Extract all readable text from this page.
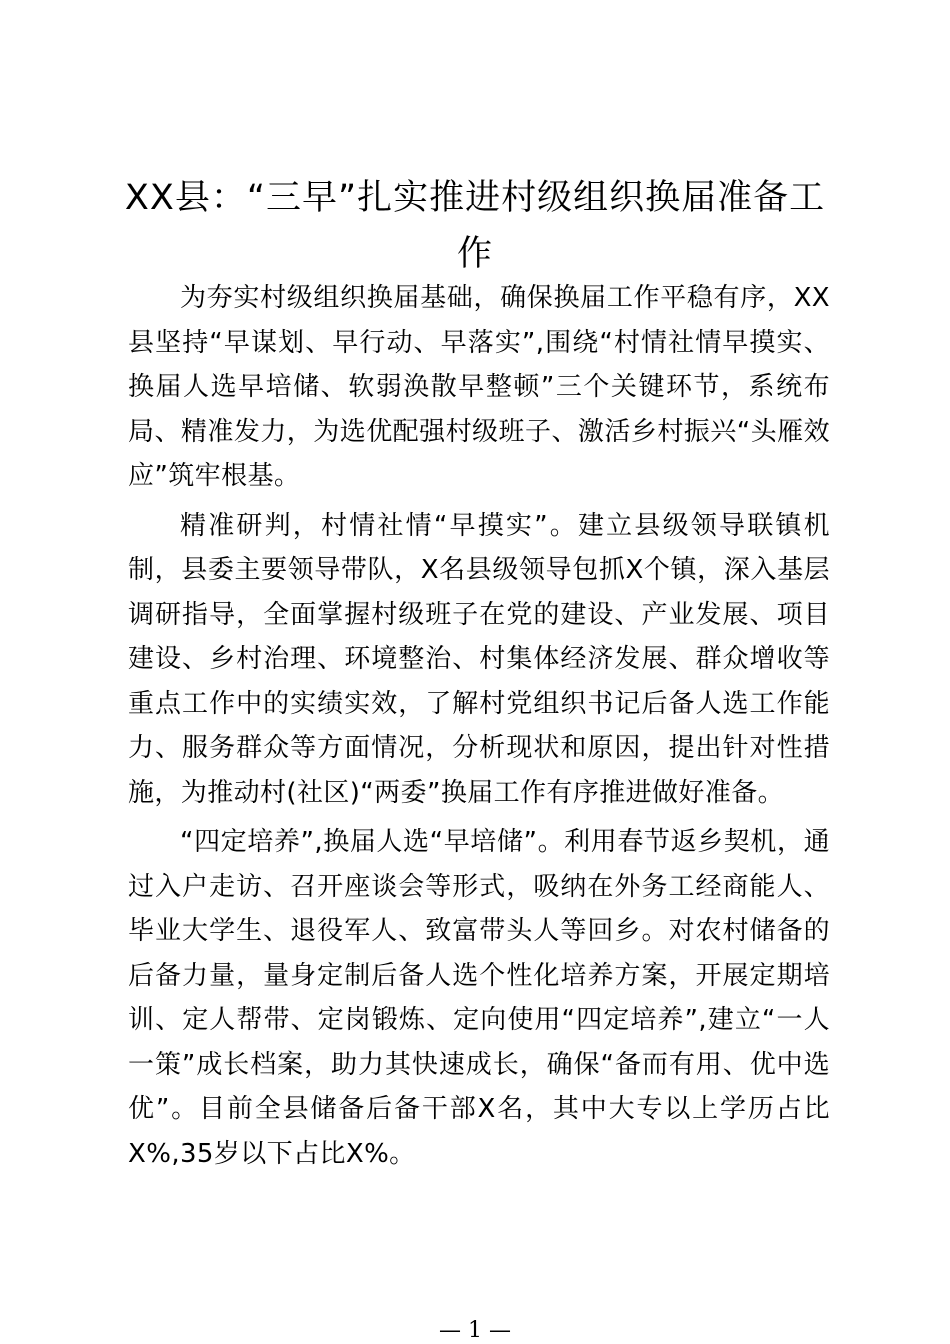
XX县：“三早”扎实推进村级组织换届准备工作

为夯实村级组织换届基础，确保换届工作平稳有序，XX县坚持“早谋划、早行动、早落实”,围绕“村情社情早摸实、换届人选早培储、软弱涣散早整顿”三个关键环节，系统布局、精准发力，为选优配强村级班子、激活乡村振兴“头雁效应”筑牢根基。

精准研判，村情社情“早摸实”。建立县级领导联镇机制，县委主要领导带队，X名县级领导包抓X个镇，深入基层调研指导，全面掌握村级班子在党的建设、产业发展、项目建设、乡村治理、环境整治、村集体经济发展、群众增收等重点工作中的实绩实效，了解村党组织书记后备人选工作能力、服务群众等方面情况，分析现状和原因，提出针对性措施，为推动村(社区)“两委”换届工作有序推进做好准备。

“四定培养”,换届人选“早培储”。利用春节返乡契机，通过入户走访、召开座谈会等形式，吸纳在外务工经商能人、毕业大学生、退役军人、致富带头人等回乡。对农村储备的后备力量，量身定制后备人选个性化培养方案，开展定期培训、定人帮带、定岗锻炼、定向使用“四定培养”,建立“一人一策”成长档案，助力其快速成长，确保“备而有用、优中选优”。目前全县储备后备干部X名，其中大专以上学历占比X%,35岁以下占比X%。

— 1 —
